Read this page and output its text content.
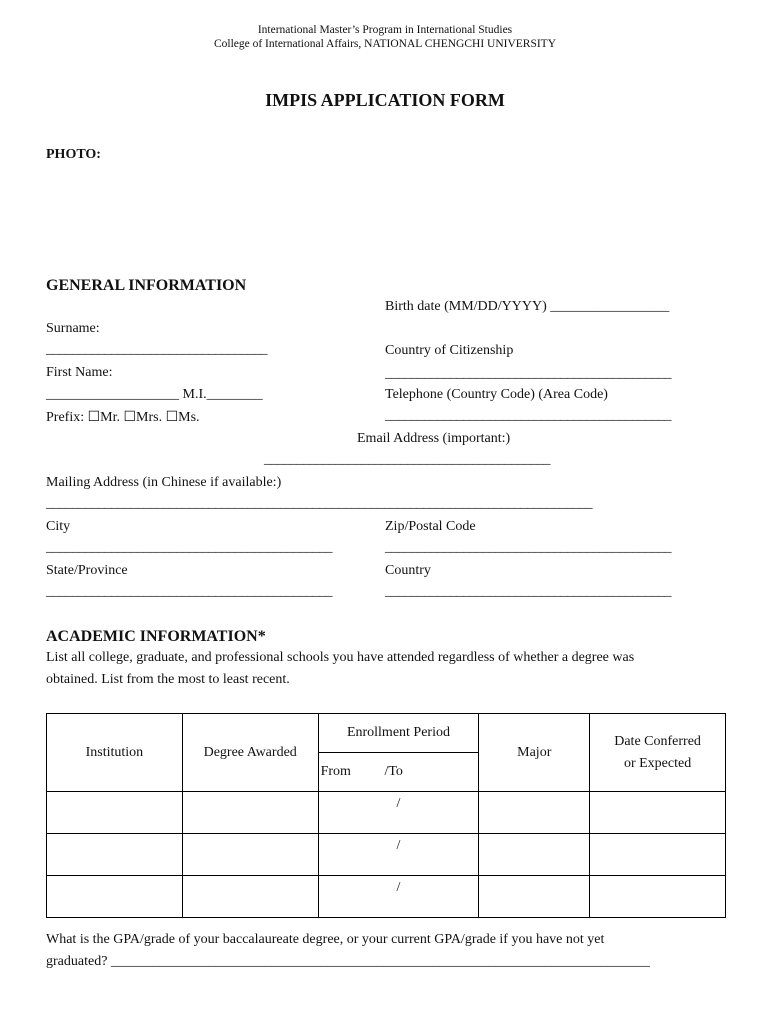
International Master’s Program in International Studies
College of International Affairs, NATIONAL CHENGCHI UNIVERSITY
IMPIS APPLICATION FORM
PHOTO:
GENERAL INFORMATION
Birth date (MM/DD/YYYY) _________________
Surname:
__________________________________	Country of Citizenship
____________________________________________
First Name:
___________________ M.I.________	Telephone (Country Code) (Area Code)
Prefix: ☐Mr. ☐Mrs. ☐Ms.	____________________________________________
Email Address (important:)
____________________________________________
Mailing Address (in Chinese if available:)
____________________________________________________________________________________
City	Zip/Postal Code
____________________________________________	____________________________________________
State/Province	Country
____________________________________________	____________________________________________
ACADEMIC INFORMATION*
List all college, graduate, and professional schools you have attended regardless of whether a degree was
obtained. List from the most to least recent.
Institution	Degree Awarded	Enrollment Period	Major	Date Conferred
or Expected
		From /To		
		/		
		/		
		/		
What is the GPA/grade of your baccalaureate degree, or your current GPA/grade if you have not yet
graduated? _____________________________________________________________________________
